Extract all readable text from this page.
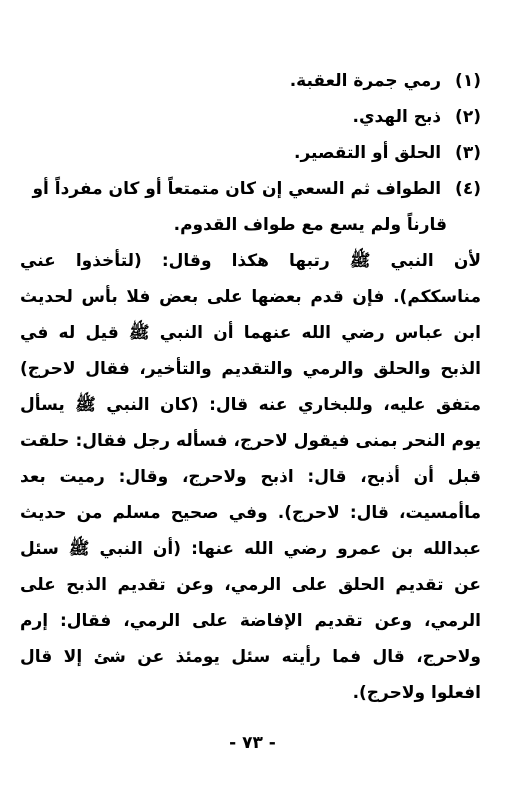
(١) رمي جمرة العقبة.
(٢) ذبح الهدي.
(٣) الحلق أو التقصير.
(٤) الطواف ثم السعي إن كان متمتعاً أو كان مفرداً أو
قارناً ولم يسع مع طواف القدوم.
لأن النبي ﷺ رتبها هكذا وقال: (لتأخذوا عني
مناسككم). فإن قدم بعضها على بعض فلا بأس لحديث
ابن عباس رضي الله عنهما أن النبي ﷺ قيل له في
الذبح والحلق والرمي والتقديم والتأخير، فقال لاحرج)
متفق عليه، وللبخاري عنه قال: (كان النبي ﷺ يسأل
يوم النحر بمنى فيقول لاحرج، فسأله رجل فقال: حلقت
قبل أن أذبح، قال: اذبح ولاحرج، وقال: رميت بعد
ماأمسيت، قال: لاحرج). وفي صحيح مسلم من حديث
عبدالله بن عمرو رضي الله عنها: (أن النبي ﷺ سئل
عن تقديم الحلق على الرمي، وعن تقديم الذبح على
الرمي، وعن تقديم الإفاضة على الرمي، فقال: إرم
ولاحرج، قال فما رأيته سئل يومئذ عن شئ إلا قال
افعلوا ولاحرج).
- ٧٣ -
